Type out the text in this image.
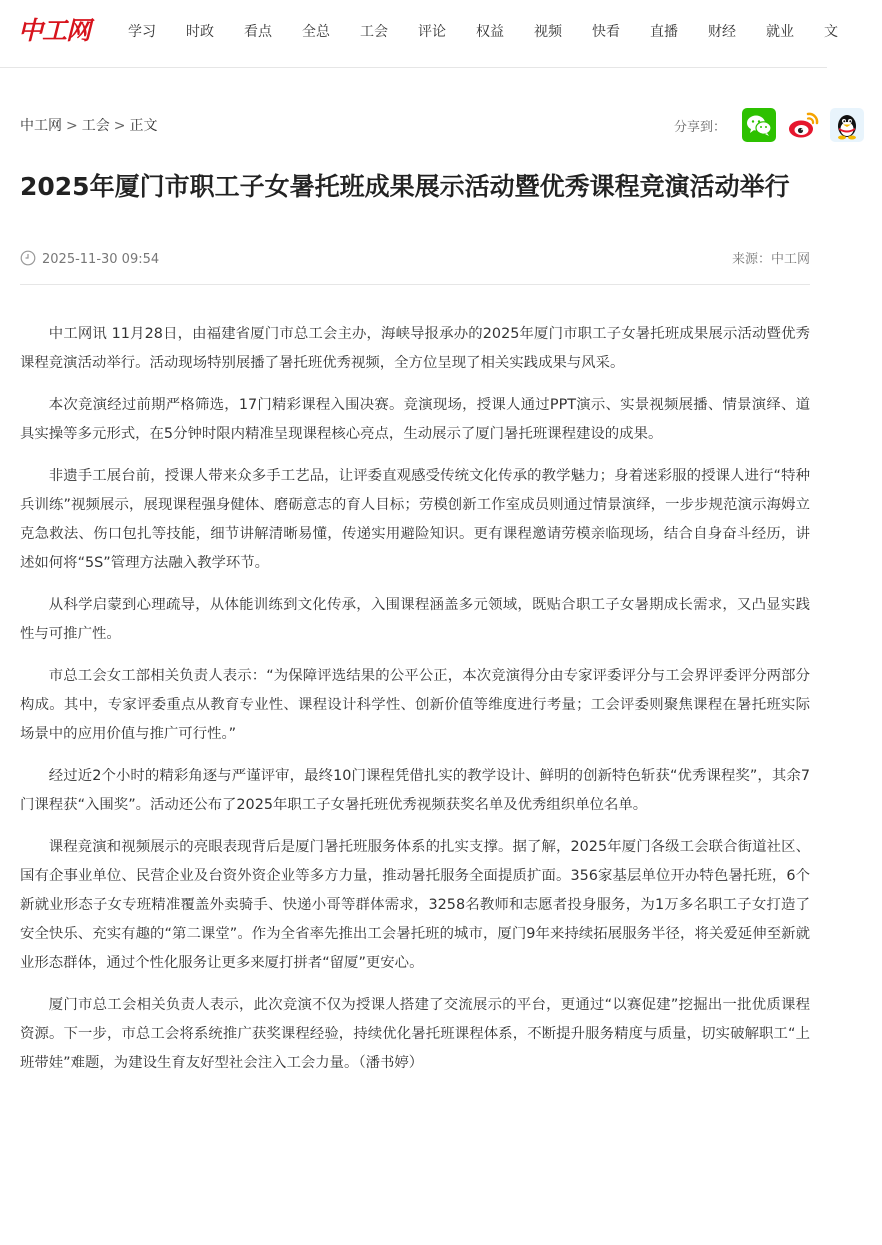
中工网	学习	时政	看点	全总	工会	评论	权益	视频	快看	直播	财经	就业	文
中工网 > 工会 > 正文	分享到：
2025年厦门市职工子女暑托班成果展示活动暨优秀课程竞演活动举行
2025-11-30 09:54	来源：中工网

中工网讯 11月28日，由福建省厦门市总工会主办，海峡导报承办的2025年厦门市职工子女暑托班成果展示活动暨优秀课程竞演活动举行。活动现场特别展播了暑托班优秀视频，全方位呈现了相关实践成果与风采。

本次竞演经过前期严格筛选，17门精彩课程入围决赛。竞演现场，授课人通过PPT演示、实景视频展播、情景演绎、道具实操等多元形式，在5分钟时限内精准呈现课程核心亮点，生动展示了厦门暑托班课程建设的成果。

非遗手工展台前，授课人带来众多手工艺品，让评委直观感受传统文化传承的教学魅力；身着迷彩服的授课人进行“特种兵训练”视频展示，展现课程强身健体、磨砺意志的育人目标；劳模创新工作室成员则通过情景演绎，一步步规范演示海姆立克急救法、伤口包扎等技能，细节讲解清晰易懂，传递实用避险知识。更有课程邀请劳模亲临现场，结合自身奋斗经历，讲述如何将“5S”管理方法融入教学环节。

从科学启蒙到心理疏导，从体能训练到文化传承，入围课程涵盖多元领域，既贴合职工子女暑期成长需求，又凸显实践性与可推广性。

市总工会女工部相关负责人表示：“为保障评选结果的公平公正，本次竞演得分由专家评委评分与工会界评委评分两部分构成。其中，专家评委重点从教育专业性、课程设计科学性、创新价值等维度进行考量；工会评委则聚焦课程在暑托班实际场景中的应用价值与推广可行性。”

经过近2个小时的精彩角逐与严谨评审，最终10门课程凭借扎实的教学设计、鲜明的创新特色斩获“优秀课程奖”，其余7门课程获“入围奖”。活动还公布了2025年职工子女暑托班优秀视频获奖名单及优秀组织单位名单。

课程竞演和视频展示的亮眼表现背后是厦门暑托班服务体系的扎实支撑。据了解，2025年厦门各级工会联合街道社区、国有企事业单位、民营企业及台资外资企业等多方力量，推动暑托服务全面提质扩面。356家基层单位开办特色暑托班，6个新就业形态子女专班精准覆盖外卖骑手、快递小哥等群体需求，3258名教师和志愿者投身服务，为1万多名职工子女打造了安全快乐、充实有趣的“第二课堂”。作为全省率先推出工会暑托班的城市，厦门9年来持续拓展服务半径，将关爱延伸至新就业形态群体，通过个性化服务让更多来厦打拼者“留厦”更安心。

厦门市总工会相关负责人表示，此次竞演不仅为授课人搭建了交流展示的平台，更通过“以赛促建”挖掘出一批优质课程资源。下一步，市总工会将系统推广获奖课程经验，持续优化暑托班课程体系，不断提升服务精度与质量，切实破解职工“上班带娃”难题，为建设生育友好型社会注入工会力量。（潘书婷）
